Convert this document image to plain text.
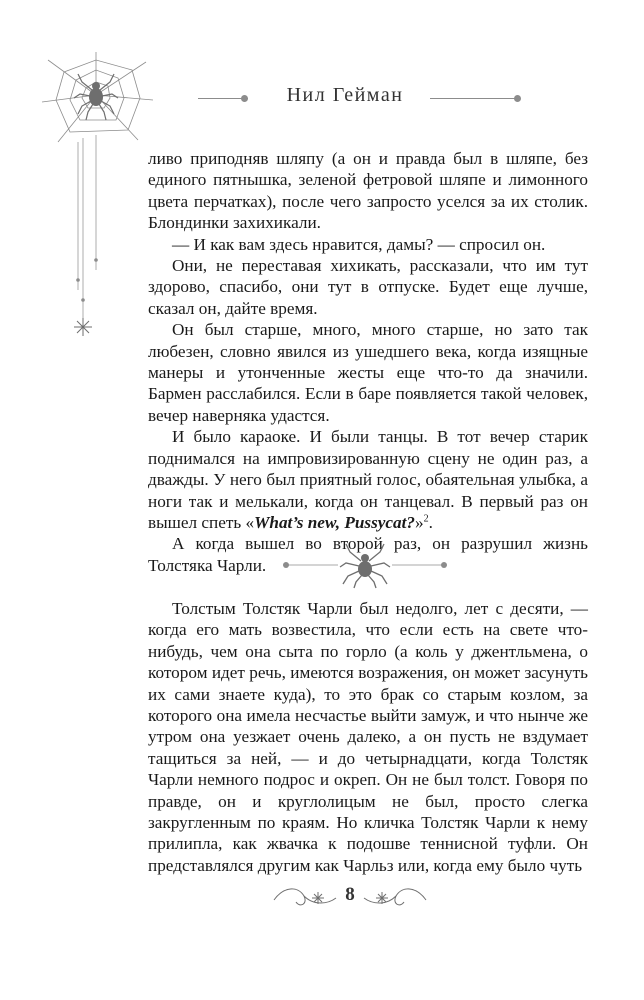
Нил Гейман

ливо приподняв шляпу (а он и правда был в шляпе, без единого пятнышка, зеленой фетровой шляпе и лимонного цвета перчатках), после чего запросто уселся за их столик. Блондинки захихикали.

— И как вам здесь нравится, дамы? — спросил он.

Они, не переставая хихикать, рассказали, что им тут здорово, спасибо, они тут в отпуске. Будет еще лучше, сказал он, дайте время.

Он был старше, много, много старше, но зато так любезен, словно явился из ушедшего века, когда изящные манеры и утонченные жесты еще что-то да значили. Бармен расслабился. Если в баре появляется такой человек, вечер наверняка удастся.

И было караоке. И были танцы. В тот вечер старик поднимался на импровизированную сцену не один раз, а дважды. У него был приятный голос, обаятельная улыбка, а ноги так и мелькали, когда он танцевал. В первый раз он вышел спеть «What’s new, Pussycat?»$^2$.

А когда вышел во второй раз, он разрушил жизнь Толстяка Чарли.

Толстым Толстяк Чарли был недолго, лет с десяти, — когда его мать возвестила, что если есть на свете что-нибудь, чем она сыта по горло (а коль у джентльмена, о котором идет речь, имеются возражения, он может засунуть их сами знаете куда), то это брак со старым козлом, за которого она имела несчастье выйти замуж, и что нынче же утром она уезжает очень далеко, а он пусть не вздумает тащиться за ней, — и до четырнадцати, когда Толстяк Чарли немного подрос и окреп. Он не был толст. Говоря по правде, он и круглолицым не был, просто слегка закругленным по краям. Но кличка Толстяк Чарли к нему прилипла, как жвачка к подошве теннисной туфли. Он представлялся другим как Чарльз или, когда ему было чуть

8
